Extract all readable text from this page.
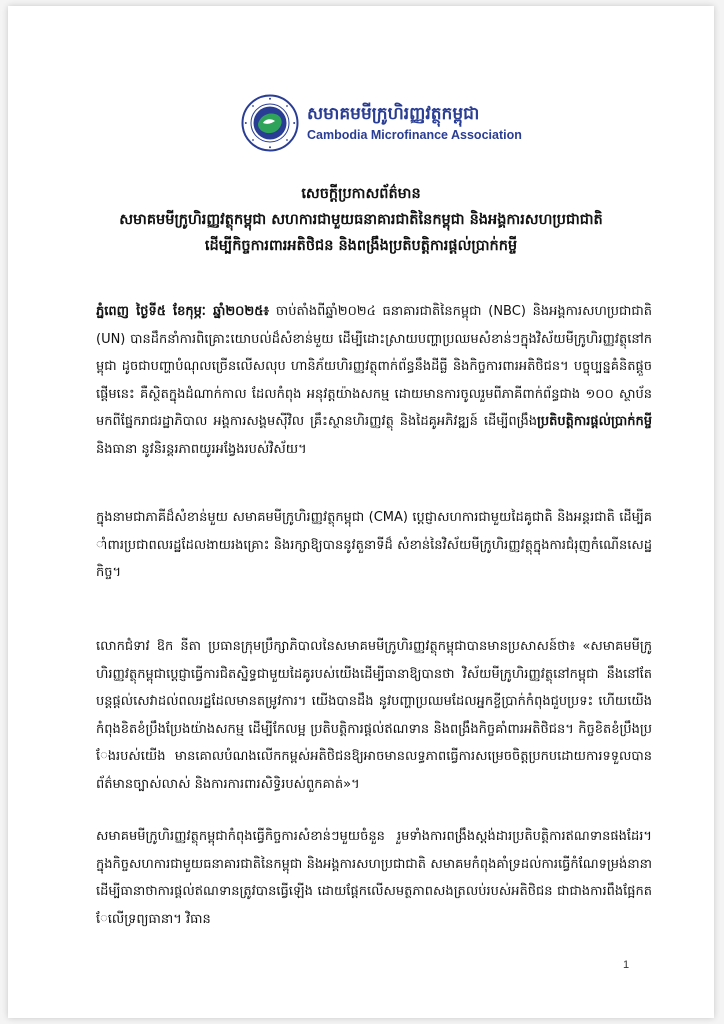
សមាគមមីក្រូហិរញ្ញវត្ថុកម្ពុជា
Cambodia Microfinance Association
សេចក្តីប្រកាសព័ត៌មាន
សមាគមមីក្រូហិរញ្ញវត្ថុកម្ពុជា សហការជាមួយធនាគារជាតិនៃកម្ពុជា និងអង្គការសហប្រជាជាតិ
ដើម្បីកិច្ចការពារអតិថិជន និងពង្រឹងប្រតិបត្តិការផ្តល់ប្រាក់កម្ចី
ភ្នំពេញ ថ្ងៃទី៥ ខែកុម្ភៈ ឆ្នាំ២០២៥៖ ចាប់តាំងពីឆ្នាំ២០២៤ ធនាគារជាតិនៃកម្ពុជា (NBC) និងអង្គការសហប្រជាជាតិ (UN) បានដឹកនាំការពិគ្រោះយោបល់ដ៏សំខាន់មួយ ដើម្បីដោះស្រាយបញ្ហាប្រឈមសំខាន់ៗក្នុងវិស័យមីក្រូហិរញ្ញវត្ថុនៅកម្ពុជា ដូចជាបញ្ហាបំណុលច្រើនលើសលុប ហានិភ័យហិរញ្ញវត្ថុពាក់ព័ន្ធនឹងដីធ្លី និងកិច្ចការពារអតិថិជន។ បច្ចុប្បន្នគំនិតផ្តួចផ្តើមនេះ គឺស្ថិតក្នុងដំណាក់កាល ដែលកំពុង អនុវត្តយ៉ាងសកម្ម ដោយមានការចូលរួមពីភាគីពាក់ព័ន្ធជាង ១០០ ស្ថាប័ន មកពីផ្នែករាជរដ្ឋាភិបាល អង្គការសង្គមស៊ីវិល គ្រឹះស្ថានហិរញ្ញវត្ថុ និងដៃគូអភិវឌ្ឍន៍ ដើម្បីពង្រឹងប្រតិបត្តិការផ្តល់ប្រាក់កម្ចី និងធានា នូវនិរន្តរភាពយូរអង្វែងរបស់វិស័យ។
ក្នុងនាមជាភាគីដ៏សំខាន់មួយ សមាគមមីក្រូហិរញ្ញវត្ថុកម្ពុជា (CMA) ប្តេជ្ញាសហការជាមួយដៃគូជាតិ និងអន្តរជាតិ ដើម្បីគាំពារប្រជាពលរដ្ឋដែលងាយរងគ្រោះ និងរក្សាឱ្យបាននូវតួនាទីដ៏ សំខាន់នៃវិស័យមីក្រូហិរញ្ញវត្ថុក្នុងការជំរុញកំណើនសេដ្ឋកិច្ច។
លោកជំទាវ ឱក នីតា ប្រធានក្រុមប្រឹក្សាភិបាលនៃសមាគមមីក្រូហិរញ្ញវត្ថុកម្ពុជាបានមានប្រសាសន៍ថា៖ «សមាគមមីក្រូហិរញ្ញវត្ថុកម្ពុជាប្តេជ្ញាធ្វើការជិតស្និទ្ធជាមួយដៃគូរបស់យើងដើម្បីធានាឱ្យបានថា វិស័យមីក្រូហិរញ្ញវត្ថុនៅកម្ពុជា នឹងនៅតែបន្តផ្តល់សេវាដល់ពលរដ្ឋដែលមានតម្រូវការ។ យើងបានដឹង នូវបញ្ហាប្រឈមដែលអ្នកខ្ចីប្រាក់កំពុងជួបប្រទះ ហើយយើងកំពុងខិតខំប្រឹងប្រែងយ៉ាងសកម្ម ដើម្បីកែលម្អ ប្រតិបត្តិការផ្តល់ឥណទាន និងពង្រឹងកិច្ចគាំពារអតិថិជន។ កិច្ចខិតខំប្រឹងប្រែងរបស់យើង មានគោលបំណងលើកកម្ពស់អតិថិជនឱ្យអាចមានលទ្ធភាពធ្វើការសម្រេចចិត្តប្រកបដោយការទទួលបានព័ត៌មានច្បាស់លាស់ និងការការពារសិទ្ធិរបស់ពួកគាត់»។
សមាគមមីក្រូហិរញ្ញវត្ថុកម្ពុជាកំពុងធ្វើកិច្ចការសំខាន់ៗមួយចំនួន រួមទាំងការពង្រឹងស្តង់ដារប្រតិបត្តិការឥណទានផងដែរ។ ក្នុងកិច្ចសហការជាមួយធនាគារជាតិនៃកម្ពុជា និងអង្គការសហប្រជាជាតិ សមាគមកំពុងគាំទ្រដល់ការធ្វើកំណែទម្រង់នានា ដើម្បីធានាថាការផ្តល់ឥណទានត្រូវបានធ្វើឡើង ដោយផ្តែកលើសមត្ថភាពសងត្រលប់របស់អតិថិជន ជាជាងការពឹងផ្អែកតែលើទ្រព្យធានា។ វិធាន
1
